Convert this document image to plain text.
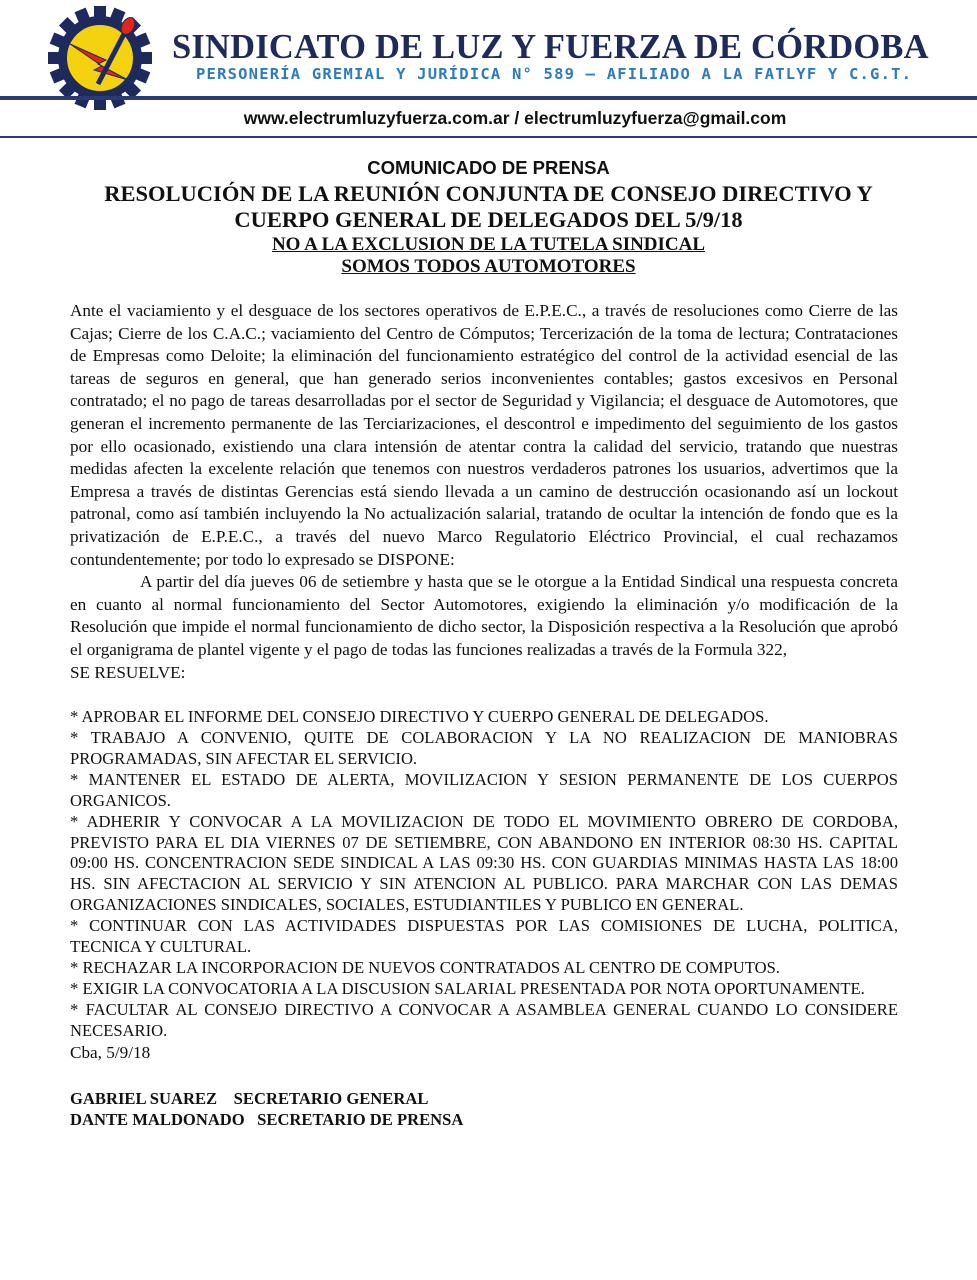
SINDICATO DE LUZ Y FUERZA DE CÓRDOBA
PERSONERÍA GREMIAL Y JURÍDICA N° 589 – AFILIADO A LA FATLYF Y C.G.T.
www.electrumluzyfuerza.com.ar / electrumluzyfuerza@gmail.com
COMUNICADO DE PRENSA
RESOLUCIÓN DE LA REUNIÓN CONJUNTA DE CONSEJO DIRECTIVO Y
CUERPO GENERAL DE DELEGADOS DEL 5/9/18
NO A LA EXCLUSION DE LA TUTELA SINDICAL
SOMOS TODOS AUTOMOTORES

Ante el vaciamiento y el desguace de los sectores operativos de E.P.E.C., a través de resoluciones como Cierre de las Cajas; Cierre de los C.A.C.; vaciamiento del Centro de Cómputos; Tercerización de la toma de lectura; Contrataciones de Empresas como Deloite; la eliminación del funcionamiento estratégico del control de la actividad esencial de las tareas de seguros en general, que han generado serios inconvenientes contables; gastos excesivos en Personal contratado; el no pago de tareas desarrolladas por el sector de Seguridad y Vigilancia; el desguace de Automotores, que generan el incremento permanente de las Terciarizaciones, el descontrol e impedimento del seguimiento de los gastos por ello ocasionado, existiendo una clara intensión de atentar contra la calidad del servicio, tratando que nuestras medidas afecten la excelente relación que tenemos con nuestros verdaderos patrones los usuarios, advertimos que la Empresa a través de distintas Gerencias está siendo llevada a un camino de destrucción ocasionando así un lockout patronal, como así también incluyendo la No actualización salarial, tratando de ocultar la intención de fondo que es la privatización de E.P.E.C., a través del nuevo Marco Regulatorio Eléctrico Provincial, el cual rechazamos contundentemente; por todo lo expresado se DISPONE:

A partir del día jueves 06 de setiembre y hasta que se le otorgue a la Entidad Sindical una respuesta concreta en cuanto al normal funcionamiento del Sector Automotores, exigiendo la eliminación y/o modificación de la Resolución que impide el normal funcionamiento de dicho sector, la Disposición respectiva a la Resolución que aprobó el organigrama de plantel vigente y el pago de todas las funciones realizadas a través de la Formula 322,

SE RESUELVE:

* APROBAR EL INFORME DEL CONSEJO DIRECTIVO Y CUERPO GENERAL DE DELEGADOS.

* TRABAJO A CONVENIO, QUITE DE COLABORACION Y LA NO REALIZACION DE MANIOBRAS PROGRAMADAS, SIN AFECTAR EL SERVICIO.

* MANTENER EL ESTADO DE ALERTA, MOVILIZACION Y SESION PERMANENTE DE LOS CUERPOS ORGANICOS.

* ADHERIR Y CONVOCAR A LA MOVILIZACION DE TODO EL MOVIMIENTO OBRERO DE CORDOBA, PREVISTO PARA EL DIA VIERNES 07 DE SETIEMBRE, CON ABANDONO EN INTERIOR 08:30 HS. CAPITAL 09:00 HS. CONCENTRACION SEDE SINDICAL A LAS 09:30 HS. CON GUARDIAS MINIMAS HASTA LAS 18:00 HS. SIN AFECTACION AL SERVICIO Y SIN ATENCION AL PUBLICO. PARA MARCHAR CON LAS DEMAS ORGANIZACIONES SINDICALES, SOCIALES, ESTUDIANTILES Y PUBLICO EN GENERAL.

* CONTINUAR CON LAS ACTIVIDADES DISPUESTAS POR LAS COMISIONES DE LUCHA, POLITICA, TECNICA Y CULTURAL.

* RECHAZAR LA INCORPORACION DE NUEVOS CONTRATADOS AL CENTRO DE COMPUTOS.

* EXIGIR LA CONVOCATORIA A LA DISCUSION SALARIAL PRESENTADA POR NOTA OPORTUNAMENTE.

* FACULTAR AL CONSEJO DIRECTIVO A CONVOCAR A ASAMBLEA GENERAL CUANDO LO CONSIDERE NECESARIO.

Cba, 5/9/18

GABRIEL SUAREZ    SECRETARIO GENERAL
DANTE MALDONADO   SECRETARIO DE PRENSA
